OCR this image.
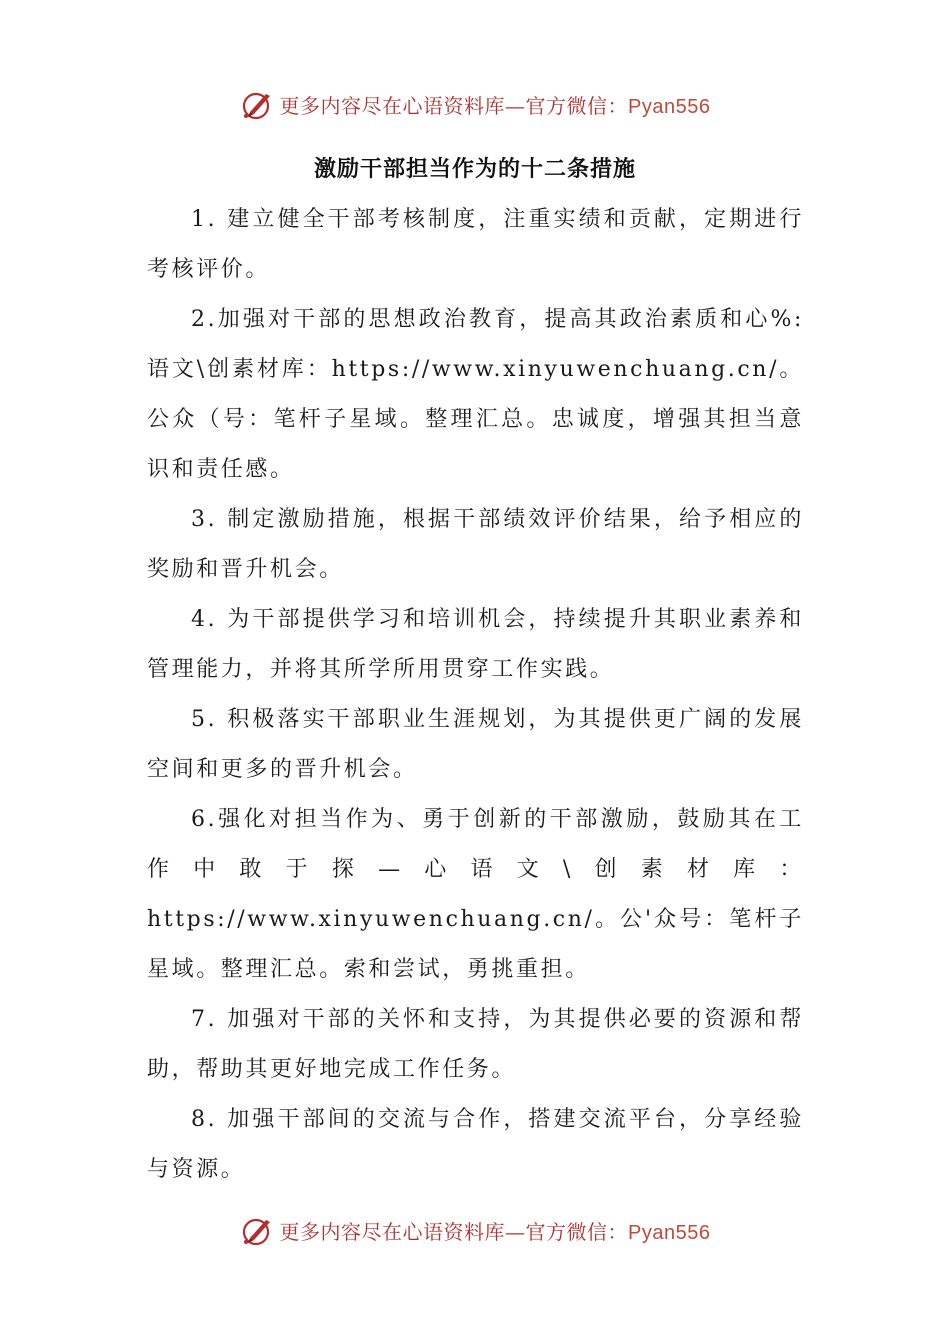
更多内容尽在心语资料库—官方微信：Pyan556
激励干部担当作为的十二条措施

1. 建立健全干部考核制度，注重实绩和贡献，定期进行考核评价。

2.加强对干部的思想政治教育，提高其政治素质和心%:语文\创素材库：https://www.xinyuwenchuang.cn/。公众（号：笔杆子星域。整理汇总。忠诚度，增强其担当意识和责任感。

3. 制定激励措施，根据干部绩效评价结果，给予相应的奖励和晋升机会。

4. 为干部提供学习和培训机会，持续提升其职业素养和管理能力，并将其所学所用贯穿工作实践。

5. 积极落实干部职业生涯规划，为其提供更广阔的发展空间和更多的晋升机会。

6.强化对担当作为、勇于创新的干部激励，鼓励其在工作中敢于探—心语文\创素材库：https://www.xinyuwenchuang.cn/。公'众号：笔杆子星域。整理汇总。索和尝试，勇挑重担。

7. 加强对干部的关怀和支持，为其提供必要的资源和帮助，帮助其更好地完成工作任务。

8. 加强干部间的交流与合作，搭建交流平台，分享经验与资源。

更多内容尽在心语资料库—官方微信：Pyan556
